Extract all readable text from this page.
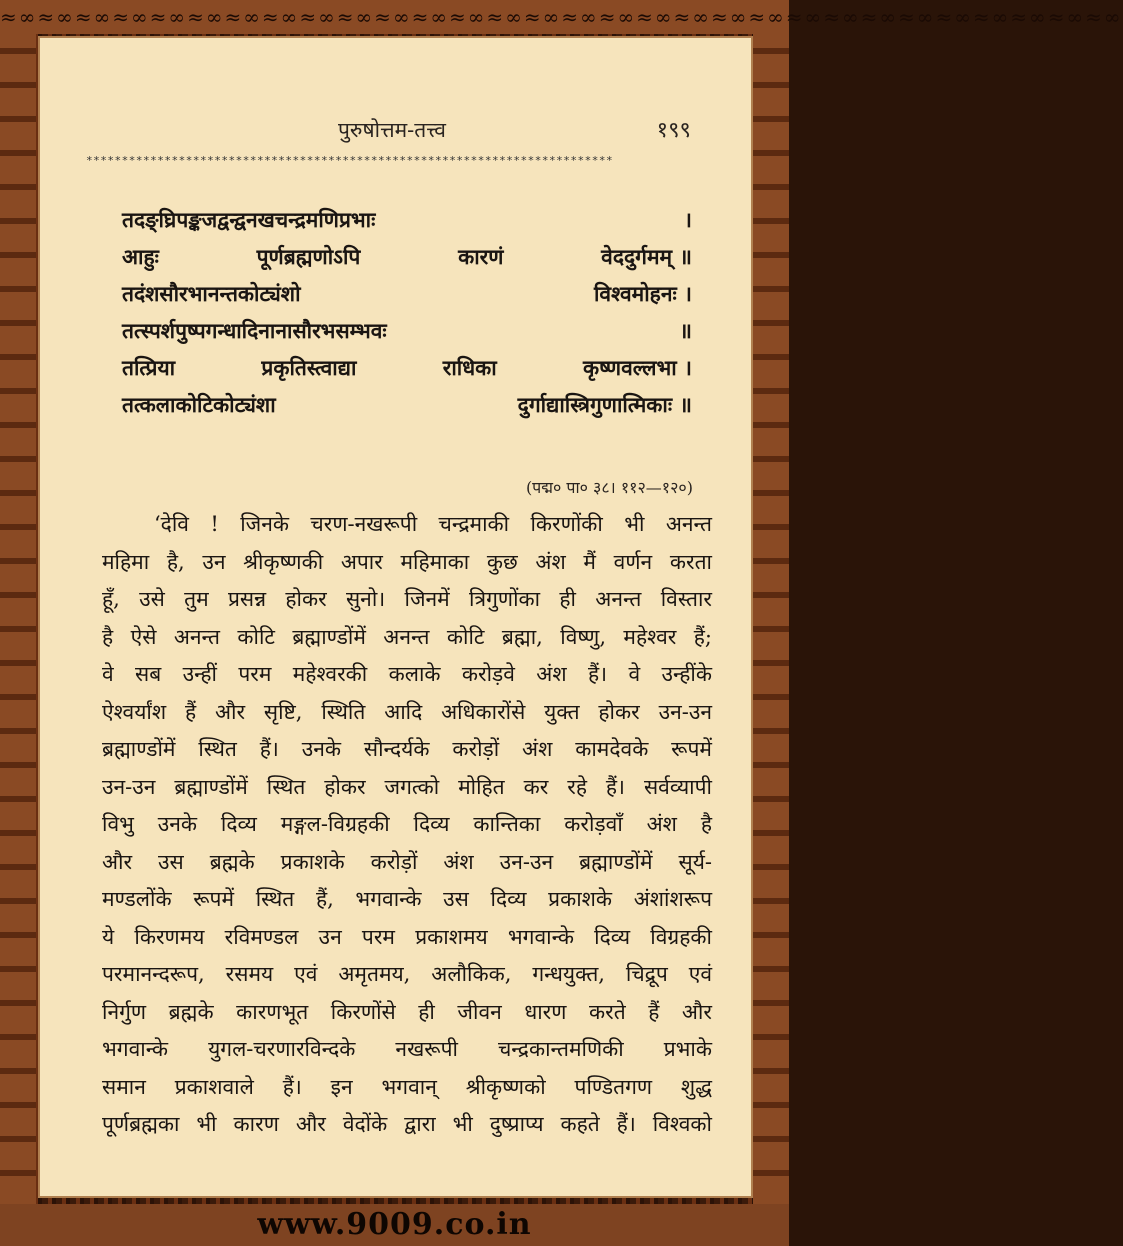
≈∞≈∞≈∞≈∞≈∞≈∞≈∞≈∞≈∞≈∞≈∞≈∞≈∞≈∞≈∞≈∞≈∞≈∞≈∞≈∞≈∞≈∞≈∞≈∞≈∞≈∞≈∞≈∞≈∞≈∞
www.9009.co.in
पुरुषोत्तम-तत्त्व	१९९
**************************************************************************
तदङ्घ्रिपङ्कजद्वन्द्वनखचन्द्रमणिप्रभाः	।
आहुः	पूर्णब्रह्मणोऽपि	कारणं	वेददुर्गमम् ॥
तदंशसौरभानन्तकोट्यंशो	विश्वमोहनः ।
तत्स्पर्शपुष्पगन्धादिनानासौरभसम्भवः	॥
तत्प्रिया	प्रकृतिस्त्वाद्या	राधिका	कृष्णवल्लभा ।
तत्कलाकोटिकोट्यंशा	दुर्गाद्यास्त्रिगुणात्मिकाः ॥
(पद्म० पा० ३८। ११२—१२०)
‘देवि ! जिनके चरण-नखरूपी चन्द्रमाकी किरणोंकी भी अनन्त
महिमा है, उन श्रीकृष्णकी अपार महिमाका कुछ अंश मैं वर्णन करता
हूँ, उसे तुम प्रसन्न होकर सुनो। जिनमें त्रिगुणोंका ही अनन्त विस्तार
है ऐसे अनन्त कोटि ब्रह्माण्डोंमें अनन्त कोटि ब्रह्मा, विष्णु, महेश्वर हैं;
वे सब उन्हीं परम महेश्वरकी कलाके करोड़वे अंश हैं। वे उन्हींके
ऐश्वर्यांश हैं और सृष्टि, स्थिति आदि अधिकारोंसे युक्त होकर उन-उन
ब्रह्माण्डोंमें स्थित हैं। उनके सौन्दर्यके करोड़ों अंश कामदेवके रूपमें
उन-उन ब्रह्माण्डोंमें स्थित होकर जगत्को मोहित कर रहे हैं। सर्वव्यापी
विभु उनके दिव्य मङ्गल-विग्रहकी दिव्य कान्तिका करोड़वाँ अंश है
और उस ब्रह्मके प्रकाशके करोड़ों अंश उन-उन ब्रह्माण्डोंमें सूर्य-
मण्डलोंके रूपमें स्थित हैं, भगवान्के उस दिव्य प्रकाशके अंशांशरूप
ये किरणमय रविमण्डल उन परम प्रकाशमय भगवान्के दिव्य विग्रहकी
परमानन्दरूप, रसमय एवं अमृतमय, अलौकिक, गन्धयुक्त, चिद्रूप एवं
निर्गुण ब्रह्मके कारणभूत किरणोंसे ही जीवन धारण करते हैं और
भगवान्के युगल-चरणारविन्दके नखरूपी चन्द्रकान्तमणिकी प्रभाके
समान प्रकाशवाले हैं। इन भगवान् श्रीकृष्णको पण्डितगण शुद्ध
पूर्णब्रह्मका भी कारण और वेदोंके द्वारा भी दुष्प्राप्य कहते हैं। विश्वको
